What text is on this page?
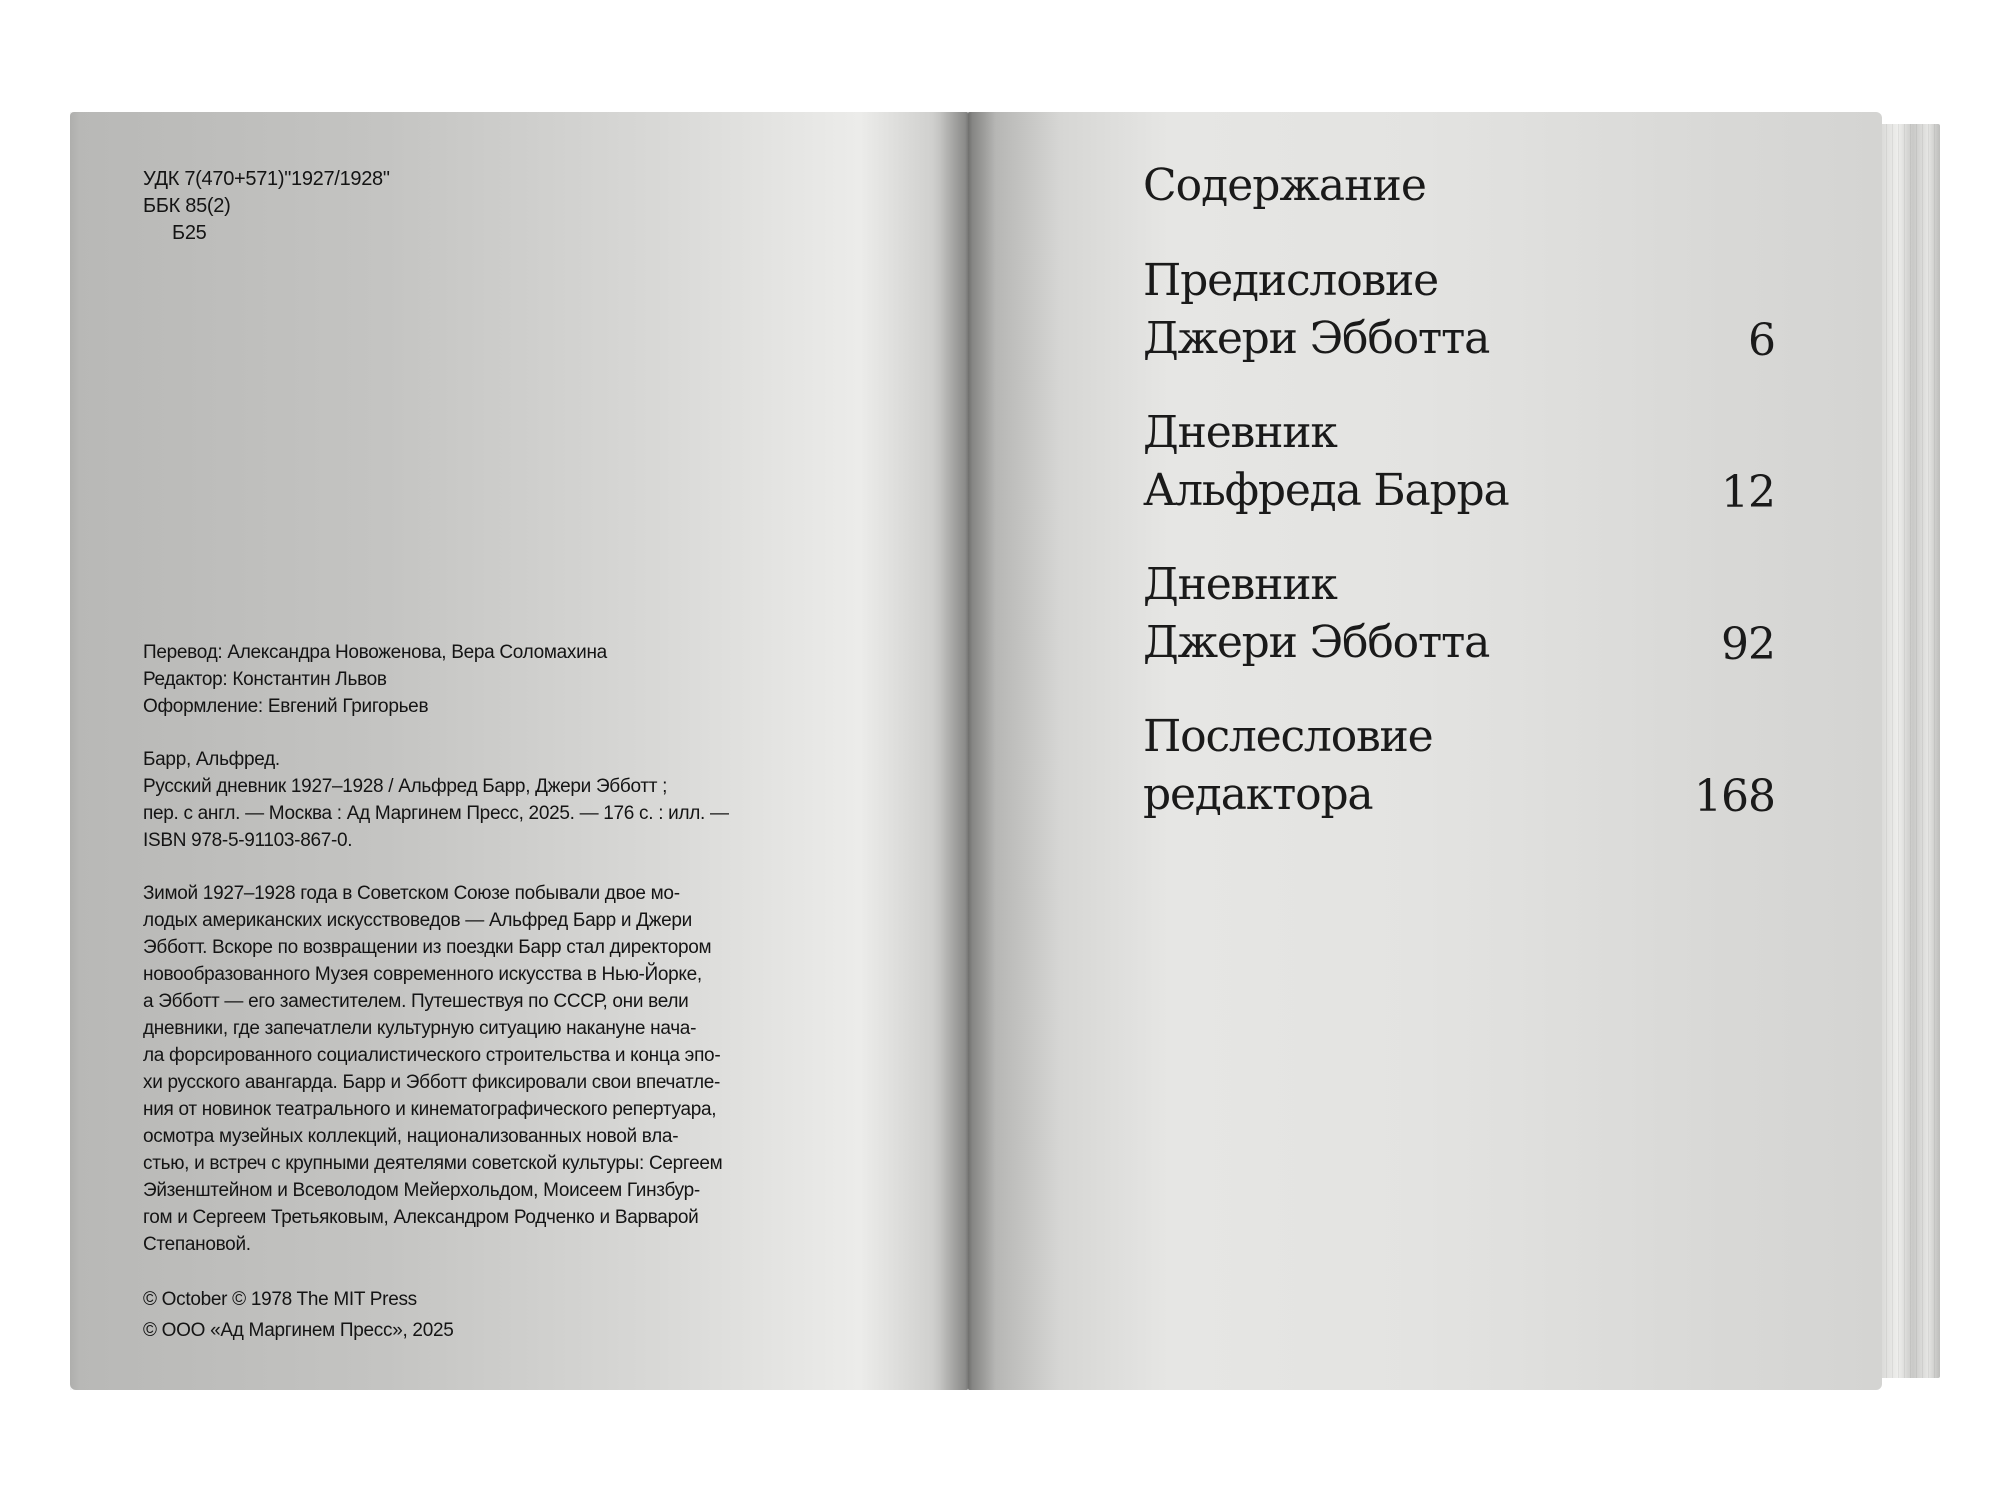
УДК 7(470+571)"1927/1928"
ББК 85(2)
Б25
Перевод: Александра Новоженова, Вера Соломахина
Редактор: Константин Львов
Оформление: Евгений Григорьев
Барр, Альфред.
Русский дневник 1927–1928 / Альфред Барр, Джери Эбботт ;
пер. с англ. — Москва : Ад Маргинем Пресс, 2025. — 176 с. : илл. —
ISBN 978-5-91103-867-0.
Зимой 1927–1928 года в Советском Союзе побывали двое мо-
лодых американских искусствоведов — Альфред Барр и Джери
Эбботт. Вскоре по возвращении из поездки Барр стал директором
новообразованного Музея современного искусства в Нью-Йорке,
а Эбботт — его заместителем. Путешествуя по СССР, они вели
дневники, где запечатлели культурную ситуацию накануне нача-
ла форсированного социалистического строительства и конца эпо-
хи русского авангарда. Барр и Эбботт фиксировали свои впечатле-
ния от новинок театрального и кинематографического репертуара,
осмотра музейных коллекций, национализованных новой вла-
стью, и встреч с крупными деятелями советской культуры: Сергеем
Эйзенштейном и Всеволодом Мейерхольдом, Моисеем Гинзбур-
гом и Сергеем Третьяковым, Александром Родченко и Варварой
Степановой.
© October © 1978 The MIT Press
© ООО «Ад Маргинем Пресс», 2025
Содержание
Предисловие
Джери Эбботта	6
Дневник
Альфреда Барра	12
Дневник
Джери Эбботта	92
Послесловие
редактора	168
